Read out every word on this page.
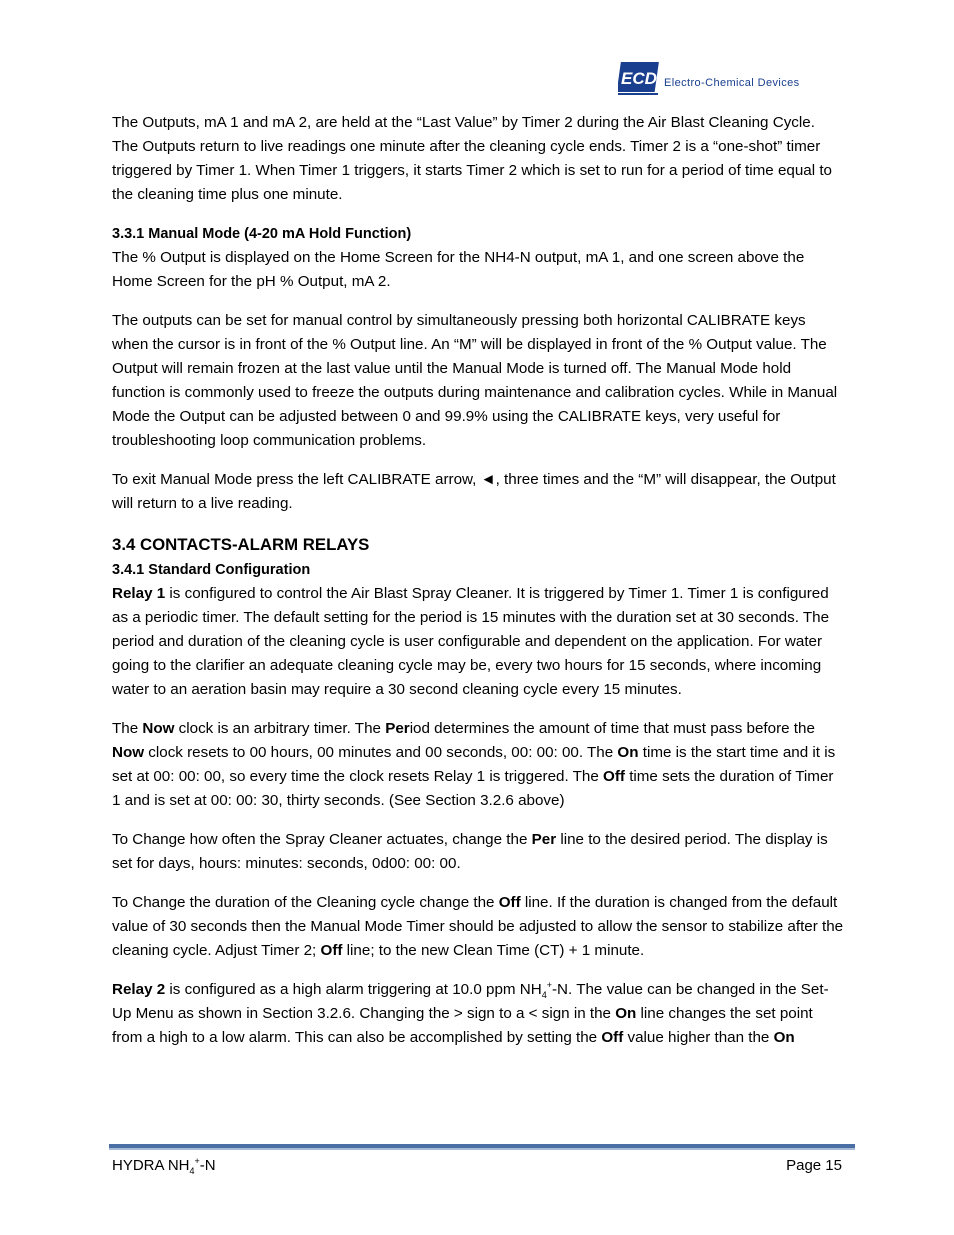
ECD Electro-Chemical Devices

The Outputs, mA 1 and mA 2, are held at the “Last Value” by Timer 2 during the Air Blast Cleaning Cycle. The Outputs return to live readings one minute after the cleaning cycle ends. Timer 2 is a “one-shot” timer triggered by Timer 1. When Timer 1 triggers, it starts Timer 2 which is set to run for a period of time equal to the cleaning time plus one minute.

3.3.1 Manual Mode (4-20 mA Hold Function)

The % Output is displayed on the Home Screen for the NH4-N output, mA 1, and one screen above the Home Screen for the pH % Output, mA 2.

The outputs can be set for manual control by simultaneously pressing both horizontal CALIBRATE keys when the cursor is in front of the % Output line. An “M” will be displayed in front of the % Output value. The Output will remain frozen at the last value until the Manual Mode is turned off. The Manual Mode hold function is commonly used to freeze the outputs during maintenance and calibration cycles. While in Manual Mode the Output can be adjusted between 0 and 99.9% using the CALIBRATE keys, very useful for troubleshooting loop communication problems.

To exit Manual Mode press the left CALIBRATE arrow, ◄, three times and the “M” will disappear, the Output will return to a live reading.

3.4 CONTACTS-ALARM RELAYS
3.4.1 Standard Configuration

Relay 1 is configured to control the Air Blast Spray Cleaner. It is triggered by Timer 1. Timer 1 is configured as a periodic timer. The default setting for the period is 15 minutes with the duration set at 30 seconds. The period and duration of the cleaning cycle is user configurable and dependent on the application. For water going to the clarifier an adequate cleaning cycle may be, every two hours for 15 seconds, where incoming water to an aeration basin may require a 30 second cleaning cycle every 15 minutes.

The Now clock is an arbitrary timer. The Period determines the amount of time that must pass before the Now clock resets to 00 hours, 00 minutes and 00 seconds, 00: 00: 00. The On time is the start time and it is set at 00: 00: 00, so every time the clock resets Relay 1 is triggered. The Off time sets the duration of Timer 1 and is set at 00: 00: 30, thirty seconds. (See Section 3.2.6 above)

To Change how often the Spray Cleaner actuates, change the Per line to the desired period. The display is set for days, hours: minutes: seconds, 0d00: 00: 00.

To Change the duration of the Cleaning cycle change the Off line. If the duration is changed from the default value of 30 seconds then the Manual Mode Timer should be adjusted to allow the sensor to stabilize after the cleaning cycle. Adjust Timer 2; Off line; to the new Clean Time (CT) + 1 minute.

Relay 2 is configured as a high alarm triggering at 10.0 ppm $NH_4^+-N$. The value can be changed in the Set-Up Menu as shown in Section 3.2.6. Changing the > sign to a < sign in the On line changes the set point from a high to a low alarm. This can also be accomplished by setting the Off value higher than the On

HYDRA $NH_4^+-N$	Page 15
